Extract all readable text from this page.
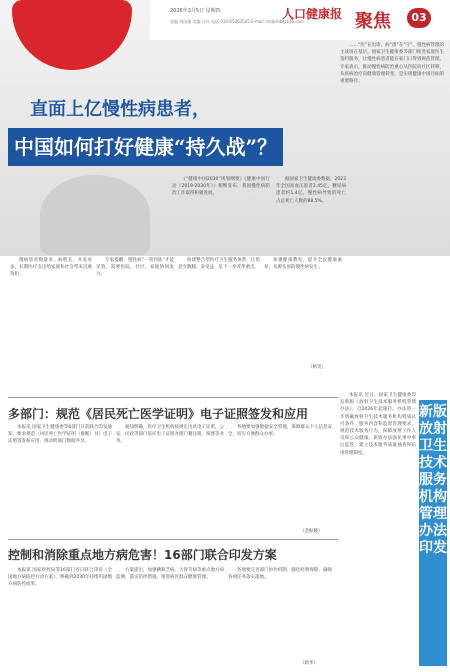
2026年3月5日 星期四
责编 刘雨薇 美编 冯丹 电话 010-65363545 E-mail: rmjkshb@126.com
人口健康报 聚焦	03
直面上亿慢性病患者，
中国如何打好健康“持久战”？

《“健康中国2030”规划纲要》《健康中国行动（2019-2030年）》相继发布，我国慢性病防治工作取得积极进展。

据国家卫生健康委数据，2023年全国高血压患者2.45亿，糖尿病患者约1.4亿，慢性病导致的死亡占总死亡人数的88.5%。

……“医”在出诊，病“患”在“守”。慢性病管理的主战场在基层。国家卫生健康委等部门推进家庭医生签约服务，让慢性病患者能在家门口得到规范管理。专家表示，推动慢性病防治重心从医院向社区转移，从疾病治疗向健康管理转变，是实现健康中国目标的重要路径。

慢病患者数量多、病程长、并发症多，长期医疗支出给家庭和社会带来沉重负担。

专家提醒，慢性病“一管到底”才能见效，需要医院、社区、家庭协同发力。

构建整合型医疗卫生服务体系，让患者少跑腿、多受益，是下一步改革重点。

加强健康教育，提升全民健康素养，从源头预防慢性病发生。

（杨笑）
多部门：规范《居民死亡医学证明》电子证照签发和应用

本报讯 国家卫生健康委等6部门日前联合印发通知，要求规范《居民死亡医学证明（推断）书》电子证照签发和应用，推动跨部门数据共享。

通知明确，医疗卫生机构按规定出具电子证照，公安、民政等部门依托电子证照办理户籍注销、殡葬等业务。

各地要加强数据安全管理，保障群众个人信息安全，切实方便群众办事。

（金振娅）
控制和消除重点地方病危害！16部门联合印发方案

本报讯 国家疾控局等16部门近日联合印发《全国地方病防控行动方案》，明确到2030年持续巩固地方病防控成果。

方案提出，加强碘缺乏病、大骨节病等重点地方病监测，落实防控措施，推进病区群众健康管理。

各地要完善部门协作机制，强化经费保障，确保各项任务落实落地。

（新华）

本报讯 近日，国家卫生健康委印发新版《放射卫生技术服务机构管理办法》，自2026年起施行。办法进一步明确放射卫生技术服务机构资质认可条件、服务内容和监督管理要求，规范技术服务行为，保障放射工作人员和公众健康。新版办法强化事中事后监管，建立技术服务质量抽查和信用管理制度。

新版放射卫生技术服务机构管理办法印发
